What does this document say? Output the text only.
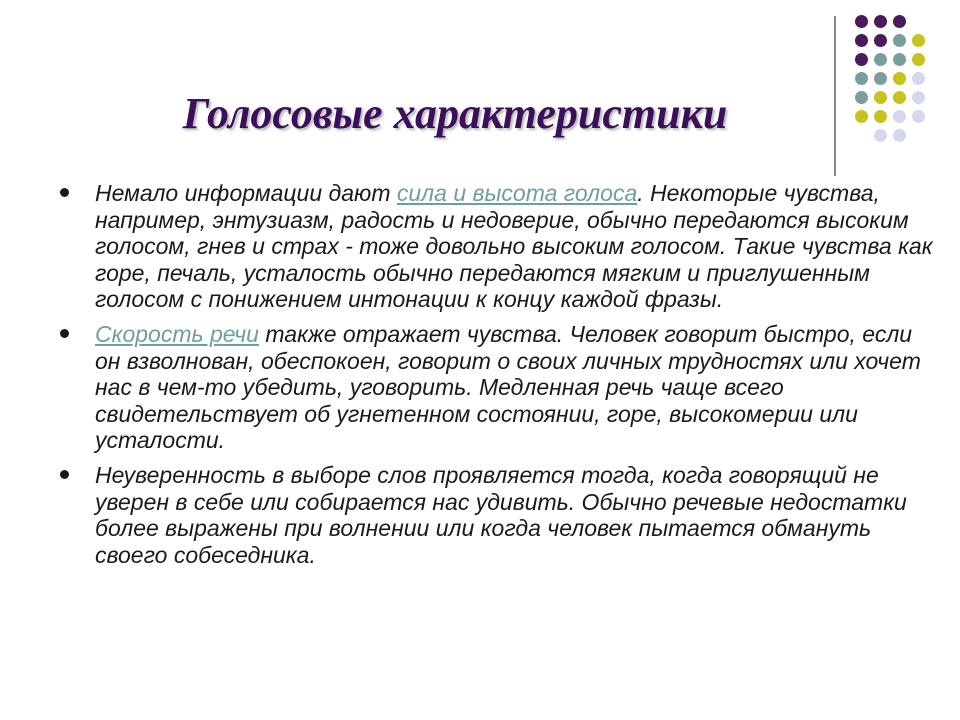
Голосовые характеристики
Немало информации дают сила и высота голоса. Некоторые чувства, например, энтузиазм, радость и недоверие, обычно передаются высоким голосом, гнев и страх - тоже довольно высоким голосом. Такие чувства как горе, печаль, усталость обычно передаются мягким и приглушенным голосом с понижением интонации к концу каждой фразы.
Скорость речи также отражает чувства. Человек говорит быстро, если он взволнован, обеспокоен, говорит о своих личных трудностях или хочет нас в чем-то убедить, уговорить. Медленная речь чаще всего свидетельствует об угнетенном состоянии, горе, высокомерии или усталости.
Неуверенность в выборе слов проявляется тогда, когда говорящий не уверен в себе или собирается нас удивить. Обычно речевые недостатки более выражены при волнении или когда человек пытается обмануть своего собеседника.
